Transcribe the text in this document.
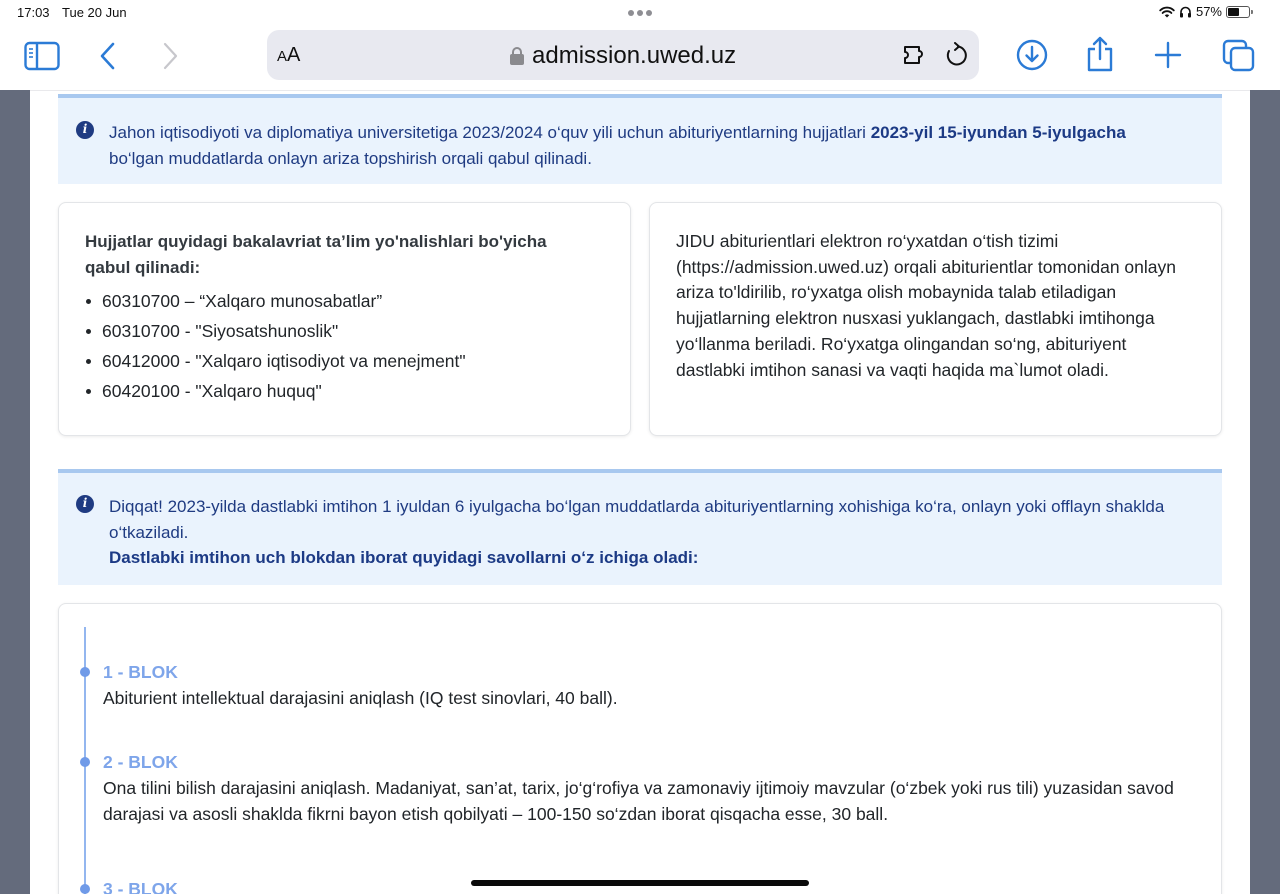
17:03 Tue 20 Jun	57%
AA	admission.uwed.uz
i	Jahon iqtisodiyoti va diplomatiya universitetiga 2023/2024 o‘quv yili uchun abituriyentlarning hujjatlari 2023-yil 15-iyundan 5-iyulgacha bo‘lgan muddatlarda onlayn ariza topshirish orqali qabul qilinadi.
Hujjatlar quyidagi bakalavriat ta’lim yo'nalishlari bo'yicha qabul qilinadi:
60310700 – “Xalqaro munosabatlar”
60310700 - "Siyosatshunoslik"
60412000 - "Xalqaro iqtisodiyot va menejment"
60420100 - "Xalqaro huquq"

JIDU abiturientlari elektron ro‘yxatdan o‘tish tizimi (https://admission.uwed.uz) orqali abiturientlar tomonidan onlayn ariza to'ldirilib, ro‘yxatga olish mobaynida talab etiladigan hujjatlarning elektron nusxasi yuklangach, dastlabki imtihonga yo‘llanma beriladi. Ro‘yxatga olingandan so‘ng, abituriyent dastlabki imtihon sanasi va vaqti haqida ma`lumot oladi.

i	Diqqat! 2023-yilda dastlabki imtihon 1 iyuldan 6 iyulgacha bo‘lgan muddatlarda abituriyentlarning xohishiga ko‘ra, onlayn yoki offlayn shaklda o‘tkaziladi.
Dastlabki imtihon uch blokdan iborat quyidagi savollarni o‘z ichiga oladi:
1 - BLOK
Abiturient intellektual darajasini aniqlash (IQ test sinovlari, 40 ball).
2 - BLOK
Ona tilini bilish darajasini aniqlash. Madaniyat, san’at, tarix, jo‘g‘rofiya va zamonaviy ijtimoiy mavzular (o‘zbek yoki rus tili) yuzasidan savod darajasi va asosli shaklda fikrni bayon etish qobilyati – 100-150 so‘zdan iborat qisqacha esse, 30 ball.
3 - BLOK
